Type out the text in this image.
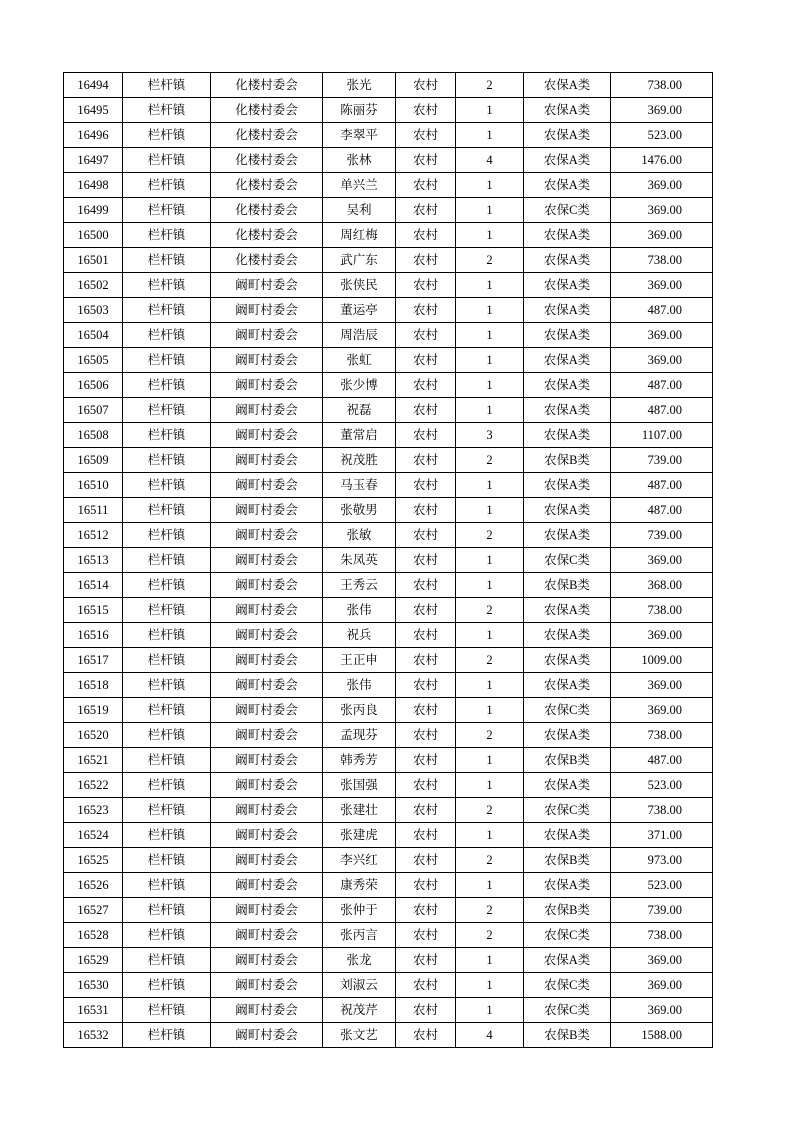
16494	栏杆镇	化楼村委会	张光	农村	2	农保A类	738.00
16495	栏杆镇	化楼村委会	陈丽芬	农村	1	农保A类	369.00
16496	栏杆镇	化楼村委会	李翠平	农村	1	农保A类	523.00
16497	栏杆镇	化楼村委会	张林	农村	4	农保A类	1476.00
16498	栏杆镇	化楼村委会	单兴兰	农村	1	农保A类	369.00
16499	栏杆镇	化楼村委会	吴利	农村	1	农保C类	369.00
16500	栏杆镇	化楼村委会	周红梅	农村	1	农保A类	369.00
16501	栏杆镇	化楼村委会	武广东	农村	2	农保A类	738.00
16502	栏杆镇	阚町村委会	张侠民	农村	1	农保A类	369.00
16503	栏杆镇	阚町村委会	董运亭	农村	1	农保A类	487.00
16504	栏杆镇	阚町村委会	周浩辰	农村	1	农保A类	369.00
16505	栏杆镇	阚町村委会	张虹	农村	1	农保A类	369.00
16506	栏杆镇	阚町村委会	张少博	农村	1	农保A类	487.00
16507	栏杆镇	阚町村委会	祝磊	农村	1	农保A类	487.00
16508	栏杆镇	阚町村委会	董常启	农村	3	农保A类	1107.00
16509	栏杆镇	阚町村委会	祝茂胜	农村	2	农保B类	739.00
16510	栏杆镇	阚町村委会	马玉春	农村	1	农保A类	487.00
16511	栏杆镇	阚町村委会	张敬男	农村	1	农保A类	487.00
16512	栏杆镇	阚町村委会	张敏	农村	2	农保A类	739.00
16513	栏杆镇	阚町村委会	朱凤英	农村	1	农保C类	369.00
16514	栏杆镇	阚町村委会	王秀云	农村	1	农保B类	368.00
16515	栏杆镇	阚町村委会	张伟	农村	2	农保A类	738.00
16516	栏杆镇	阚町村委会	祝兵	农村	1	农保A类	369.00
16517	栏杆镇	阚町村委会	王正申	农村	2	农保A类	1009.00
16518	栏杆镇	阚町村委会	张伟	农村	1	农保A类	369.00
16519	栏杆镇	阚町村委会	张丙良	农村	1	农保C类	369.00
16520	栏杆镇	阚町村委会	孟现芬	农村	2	农保A类	738.00
16521	栏杆镇	阚町村委会	韩秀芳	农村	1	农保B类	487.00
16522	栏杆镇	阚町村委会	张国强	农村	1	农保A类	523.00
16523	栏杆镇	阚町村委会	张建壮	农村	2	农保C类	738.00
16524	栏杆镇	阚町村委会	张建虎	农村	1	农保A类	371.00
16525	栏杆镇	阚町村委会	李兴红	农村	2	农保B类	973.00
16526	栏杆镇	阚町村委会	康秀荣	农村	1	农保A类	523.00
16527	栏杆镇	阚町村委会	张仲于	农村	2	农保B类	739.00
16528	栏杆镇	阚町村委会	张丙言	农村	2	农保C类	738.00
16529	栏杆镇	阚町村委会	张龙	农村	1	农保A类	369.00
16530	栏杆镇	阚町村委会	刘淑云	农村	1	农保C类	369.00
16531	栏杆镇	阚町村委会	祝茂芹	农村	1	农保C类	369.00
16532	栏杆镇	阚町村委会	张文艺	农村	4	农保B类	1588.00
